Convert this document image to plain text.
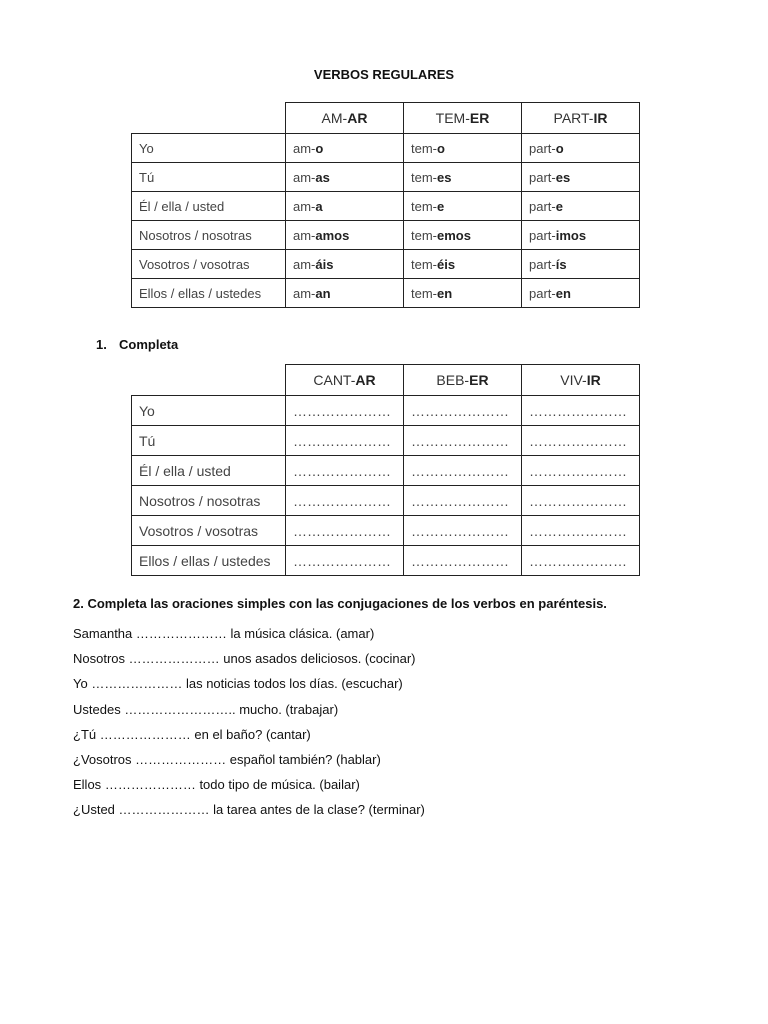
VERBOS REGULARES
	AM-AR	TEM-ER	PART-IR
Yo	am-o	tem-o	part-o
Tú	am-as	tem-es	part-es
Él / ella / usted	am-a	tem-e	part-e
Nosotros / nosotras	am-amos	tem-emos	part-imos
Vosotros / vosotras	am-áis	tem-éis	part-ís
Ellos / ellas / ustedes	am-an	tem-en	part-en
1. Completa
	CANT-AR	BEB-ER	VIV-IR
Yo	…………………	…………………	…………………
Tú	…………………	…………………	…………………
Él / ella / usted	…………………	…………………	…………………
Nosotros / nosotras	…………………	…………………	…………………
Vosotros / vosotras	…………………	…………………	…………………
Ellos / ellas / ustedes	…………………	…………………	…………………
2. Completa las oraciones simples con las conjugaciones de los verbos en paréntesis.
Samantha ………………… la música clásica. (amar)
Nosotros ………………… unos asados deliciosos. (cocinar)
Yo ………………… las noticias todos los días. (escuchar)
Ustedes …………………….. mucho. (trabajar)
¿Tú ………………… en el baño? (cantar)
¿Vosotros ………………… español también? (hablar)
Ellos ………………… todo tipo de música. (bailar)
¿Usted ………………… la tarea antes de la clase? (terminar)
